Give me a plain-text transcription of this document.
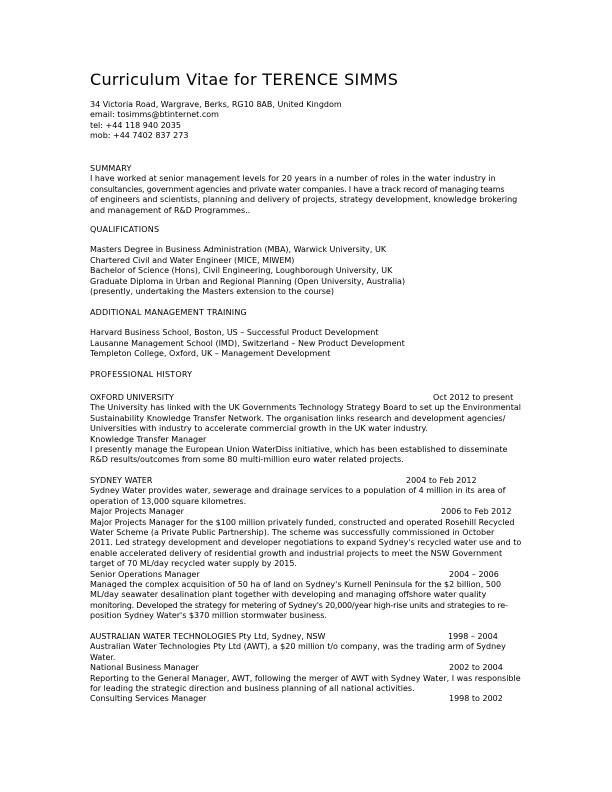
Curriculum Vitae for TERENCE SIMMS
34 Victoria Road, Wargrave, Berks, RG10 8AB, United Kingdom
email: tosimms@btinternet.com
tel: +44 118 940 2035
mob: +44 7402 837 273
SUMMARY
I have worked at senior management levels for 20 years in a number of roles in the water industry in
consultancies, government agencies and private water companies. I have a track record of managing teams
of engineers and scientists, planning and delivery of projects, strategy development, knowledge brokering
and management of R&D Programmes..
QUALIFICATIONS
Masters Degree in Business Administration (MBA), Warwick University, UK
Chartered Civil and Water Engineer (MICE, MIWEM)
Bachelor of Science (Hons), Civil Engineering, Loughborough University, UK
Graduate Diploma in Urban and Regional Planning (Open University, Australia)
(presently, undertaking the Masters extension to the course)
ADDITIONAL MANAGEMENT TRAINING
Harvard Business School, Boston, US – Successful Product Development
Lausanne Management School (IMD), Switzerland – New Product Development
Templeton College, Oxford, UK – Management Development
PROFESSIONAL HISTORY
OXFORD UNIVERSITY	Oct 2012 to present
The University has linked with the UK Governments Technology Strategy Board to set up the Environmental
Sustainability Knowledge Transfer Network. The organisation links research and development agencies/
Universities with industry to accelerate commercial growth in the UK water industry.
Knowledge Transfer Manager
I presently manage the European Union WaterDiss initiative, which has been established to disseminate
R&D results/outcomes from some 80 multi-million euro water related projects.
SYDNEY WATER	2004 to Feb 2012
Sydney Water provides water, sewerage and drainage services to a population of 4 million in its area of
operation of 13,000 square kilometres.
Major Projects Manager	2006 to Feb 2012
Major Projects Manager for the $100 million privately funded, constructed and operated Rosehill Recycled
Water Scheme (a Private Public Partnership). The scheme was successfully commissioned in October
2011. Led strategy development and developer negotiations to expand Sydney's recycled water use and to
enable accelerated delivery of residential growth and industrial projects to meet the NSW Government
target of 70 ML/day recycled water supply by 2015.
Senior Operations Manager	2004 – 2006
Managed the complex acquisition of 50 ha of land on Sydney's Kurnell Peninsula for the $2 billion, 500
ML/day seawater desalination plant together with developing and managing offshore water quality
monitoring. Developed the strategy for metering of Sydney's 20,000/year high-rise units and strategies to re-
position Sydney Water's $370 million stormwater business.
AUSTRALIAN WATER TECHNOLOGIES Pty Ltd, Sydney, NSW	1998 – 2004
Australian Water Technologies Pty Ltd (AWT), a $20 million t/o company, was the trading arm of Sydney
Water.
National Business Manager	2002 to 2004
Reporting to the General Manager, AWT, following the merger of AWT with Sydney Water, I was responsible
for leading the strategic direction and business planning of all national activities.
Consulting Services Manager	1998 to 2002
